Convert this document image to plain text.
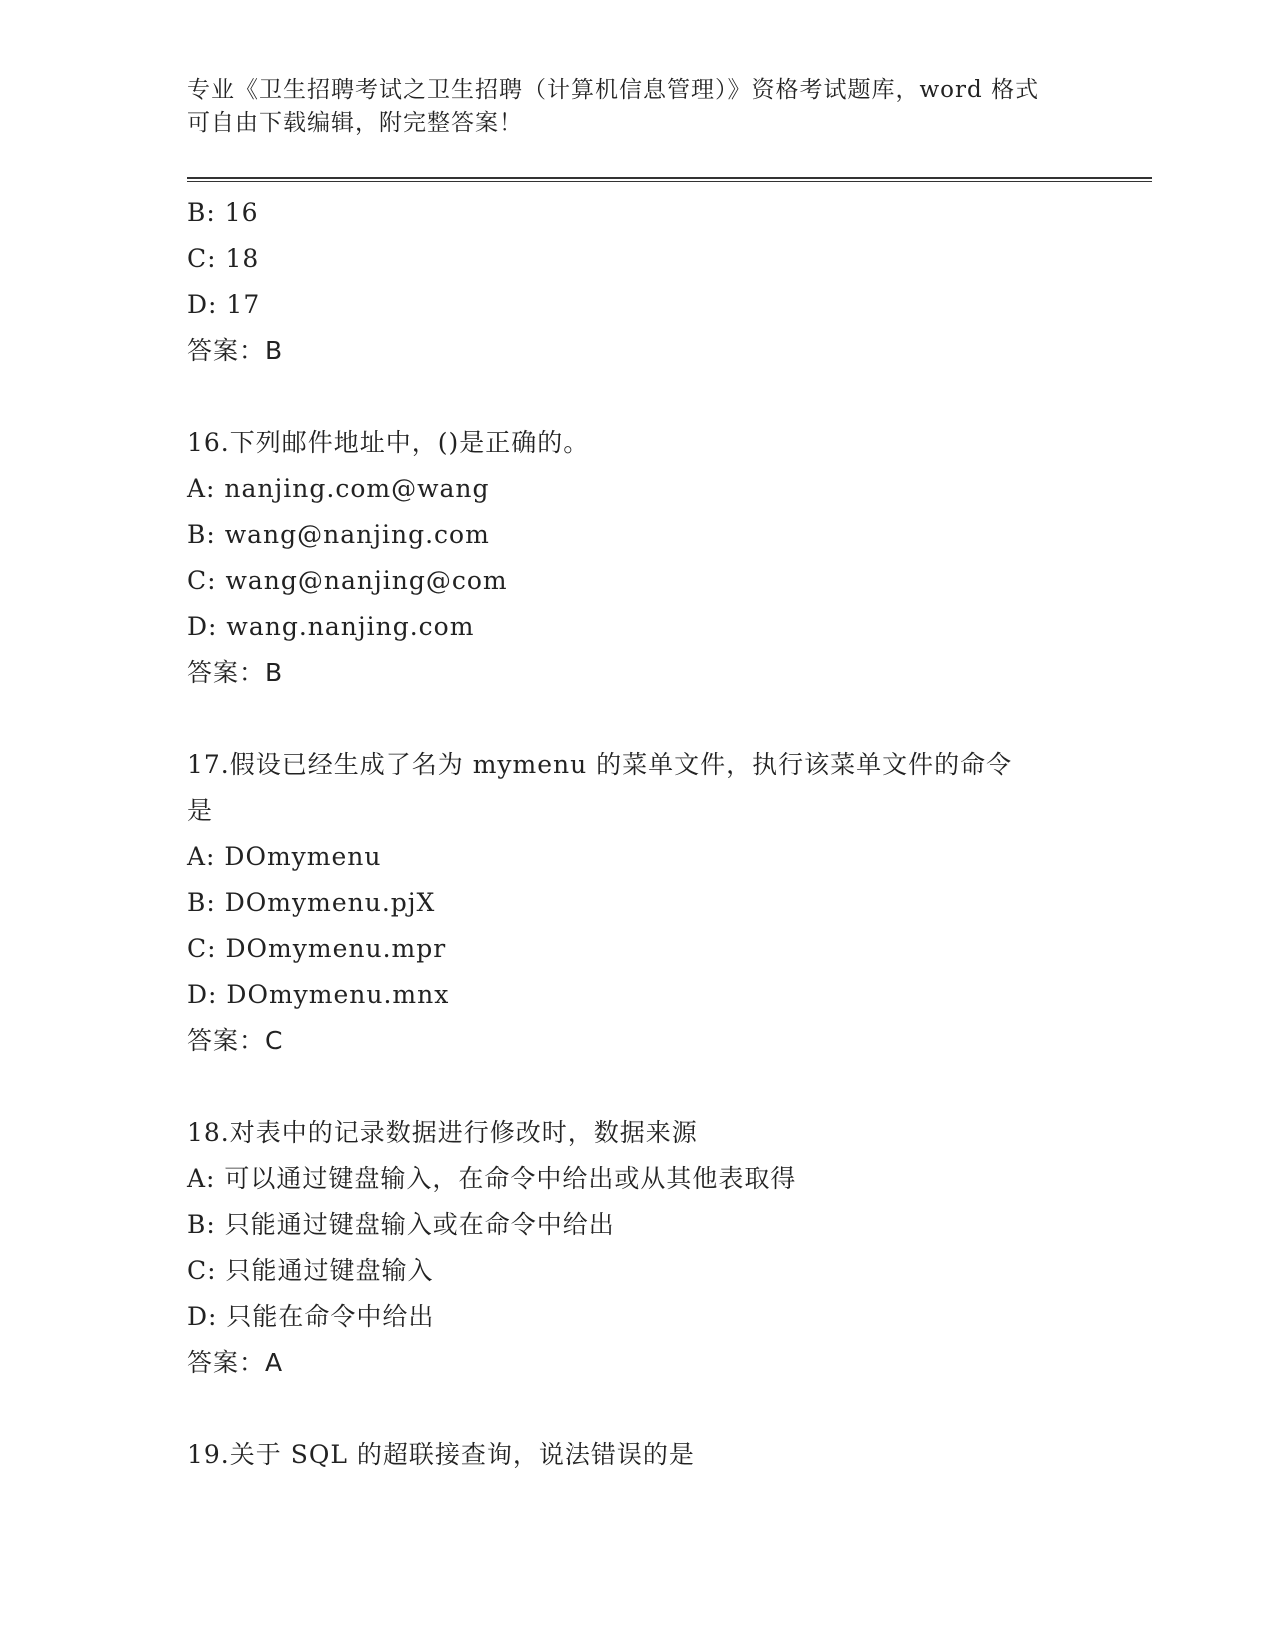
专业《卫生招聘考试之卫生招聘（计算机信息管理）》资格考试题库，word 格式
可自由下载编辑，附完整答案！
B: 16
C: 18
D: 17
答案：B
16.下列邮件地址中，()是正确的。
A: nanjing.com@wang
B: wang@nanjing.com
C: wang@nanjing@com
D: wang.nanjing.com
答案：B
17.假设已经生成了名为 mymenu 的菜单文件，执行该菜单文件的命令
是
A: DOmymenu
B: DOmymenu.pjX
C: DOmymenu.mpr
D: DOmymenu.mnx
答案：C
18.对表中的记录数据进行修改时，数据来源
A: 可以通过键盘输入，在命令中给出或从其他表取得
B: 只能通过键盘输入或在命令中给出
C: 只能通过键盘输入
D: 只能在命令中给出
答案：A
19.关于 SQL 的超联接查询，说法错误的是
